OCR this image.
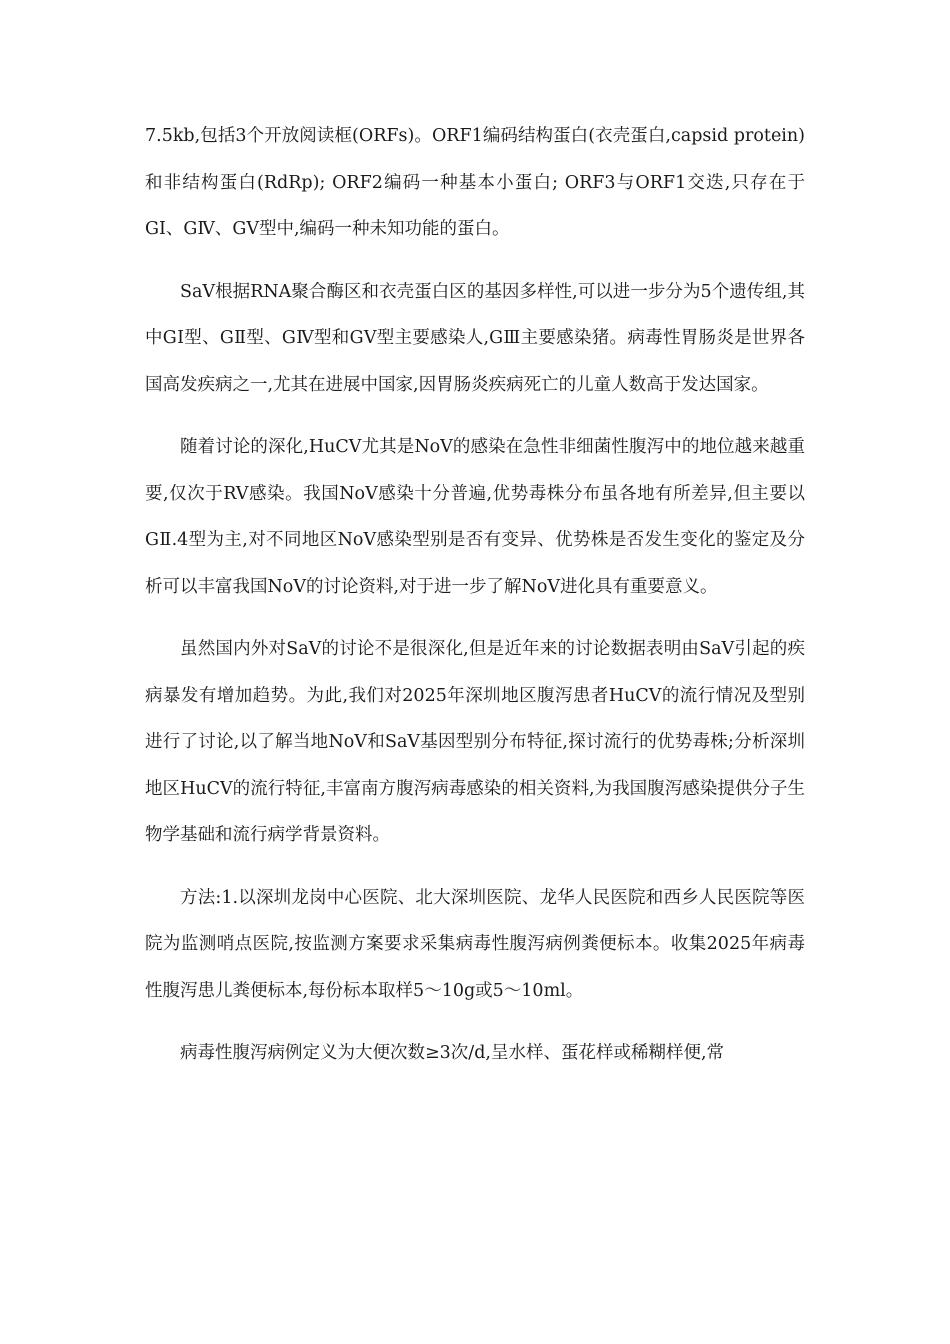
7.5kb,包括3个开放阅读框(ORFs)。ORF1编码结构蛋白(衣壳蛋白,capsid protein)和非结构蛋白(RdRp); ORF2编码一种基本小蛋白; ORF3与ORF1交迭,只存在于GⅠ、GⅣ、GⅤ型中,编码一种未知功能的蛋白。

SaV根据RNA聚合酶区和衣壳蛋白区的基因多样性,可以进一步分为5个遗传组,其中GⅠ型、GⅡ型、GⅣ型和GⅤ型主要感染人,GⅢ主要感染猪。病毒性胃肠炎是世界各国高发疾病之一,尤其在进展中国家,因胃肠炎疾病死亡的儿童人数高于发达国家。

随着讨论的深化,HuCV尤其是NoV的感染在急性非细菌性腹泻中的地位越来越重要,仅次于RV感染。我国NoV感染十分普遍,优势毒株分布虽各地有所差异,但主要以GⅡ.4型为主,对不同地区NoV感染型别是否有变异、优势株是否发生变化的鉴定及分析可以丰富我国NoV的讨论资料,对于进一步了解NoV进化具有重要意义。

虽然国内外对SaV的讨论不是很深化,但是近年来的讨论数据表明由SaV引起的疾病暴发有增加趋势。为此,我们对2025年深圳地区腹泻患者HuCV的流行情况及型别进行了讨论,以了解当地NoV和SaV基因型别分布特征,探讨流行的优势毒株;分析深圳地区HuCV的流行特征,丰富南方腹泻病毒感染的相关资料,为我国腹泻感染提供分子生物学基础和流行病学背景资料。

方法:1.以深圳龙岗中心医院、北大深圳医院、龙华人民医院和西乡人民医院等医院为监测哨点医院,按监测方案要求采集病毒性腹泻病例粪便标本。收集2025年病毒性腹泻患儿粪便标本,每份标本取样5～10g或5～10ml。

病毒性腹泻病例定义为大便次数≥3次/d,呈水样、蛋花样或稀糊样便,常
